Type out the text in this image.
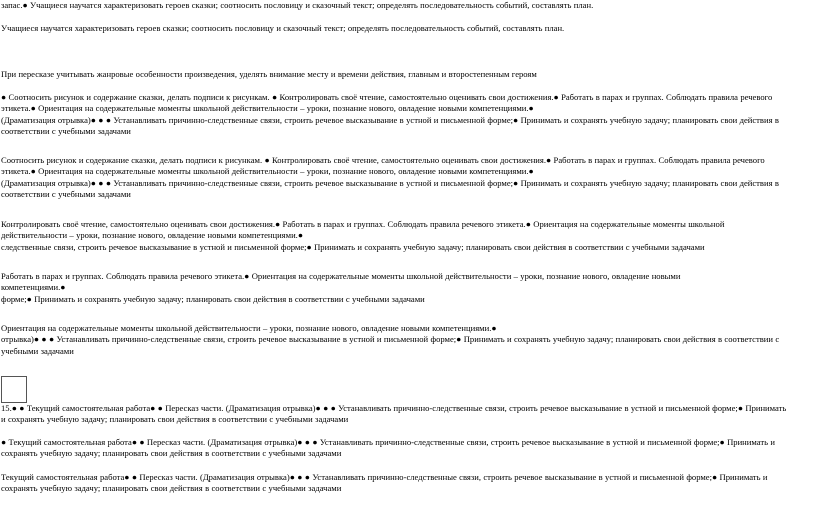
запас.● Учащиеся научатся характеризовать героев сказки; соотносить пословицу и сказочный текст; определять последовательность событий, составлять план.

Учащиеся научатся характеризовать героев сказки; соотносить пословицу и сказочный текст; определять последовательность событий, составлять план.

При пересказе учитывать жанровые особенности произведения, уделять внимание месту и времени действия, главным и второстепенным героям

● Соотносить рисунок и содержание сказки, делать подписи к рисункам. ● Контролировать своё чтение, самостоятельно оценивать свои достижения.● Работать в парах и группах. Соблюдать правила речевого
этикета.● Ориентация на содержательные моменты школьной действительности – уроки, познание нового, овладение новыми компетенциями.●
(Драматизация отрывка)● ● ● Устанавливать причинно-следственные связи, строить речевое высказывание в устной и письменной форме;● Принимать и сохранять учебную задачу; планировать свои действия в
соответствии с учебными задачами

Соотносить рисунок и содержание сказки, делать подписи к рисункам. ● Контролировать своё чтение, самостоятельно оценивать свои достижения.● Работать в парах и группах. Соблюдать правила речевого
этикета.● Ориентация на содержательные моменты школьной действительности – уроки, познание нового, овладение новыми компетенциями.●
(Драматизация отрывка)● ● ● Устанавливать причинно-следственные связи, строить речевое высказывание в устной и письменной форме;● Принимать и сохранять учебную задачу; планировать свои действия в
соответствии с учебными задачами

Контролировать своё чтение, самостоятельно оценивать свои достижения.● Работать в парах и группах. Соблюдать правила речевого этикета.● Ориентация на содержательные моменты школьной
действительности – уроки, познание нового, овладение новыми компетенциями.●
следственные связи, строить речевое высказывание в устной и письменной форме;● Принимать и сохранять учебную задачу; планировать свои действия в соответствии с учебными задачами

Работать в парах и группах. Соблюдать правила речевого этикета.● Ориентация на содержательные моменты школьной действительности – уроки, познание нового, овладение новыми
компетенциями.●
форме;● Принимать и сохранять учебную задачу; планировать свои действия в соответствии с учебными задачами

Ориентация на содержательные моменты школьной действительности – уроки, познание нового, овладение новыми компетенциями.●
отрывка)● ● ● Устанавливать причинно-следственные связи, строить речевое высказывание в устной и письменной форме;● Принимать и сохранять учебную задачу; планировать свои действия в соответствии с
учебными задачами

15.● ● Текущий самостоятельная работа● ● Пересказ части. (Драматизация отрывка)● ● ● Устанавливать причинно-следственные связи, строить речевое высказывание в устной и письменной форме;● Принимать
и сохранять учебную задачу; планировать свои действия в соответствии с учебными задачами

● Текущий самостоятельная работа● ● Пересказ части. (Драматизация отрывка)● ● ● Устанавливать причинно-следственные связи, строить речевое высказывание в устной и письменной форме;● Принимать и
сохранять учебную задачу; планировать свои действия в соответствии с учебными задачами

Текущий самостоятельная работа● ● Пересказ части. (Драматизация отрывка)● ● ● Устанавливать причинно-следственные связи, строить речевое высказывание в устной и письменной форме;● Принимать и
сохранять учебную задачу; планировать свои действия в соответствии с учебными задачами
